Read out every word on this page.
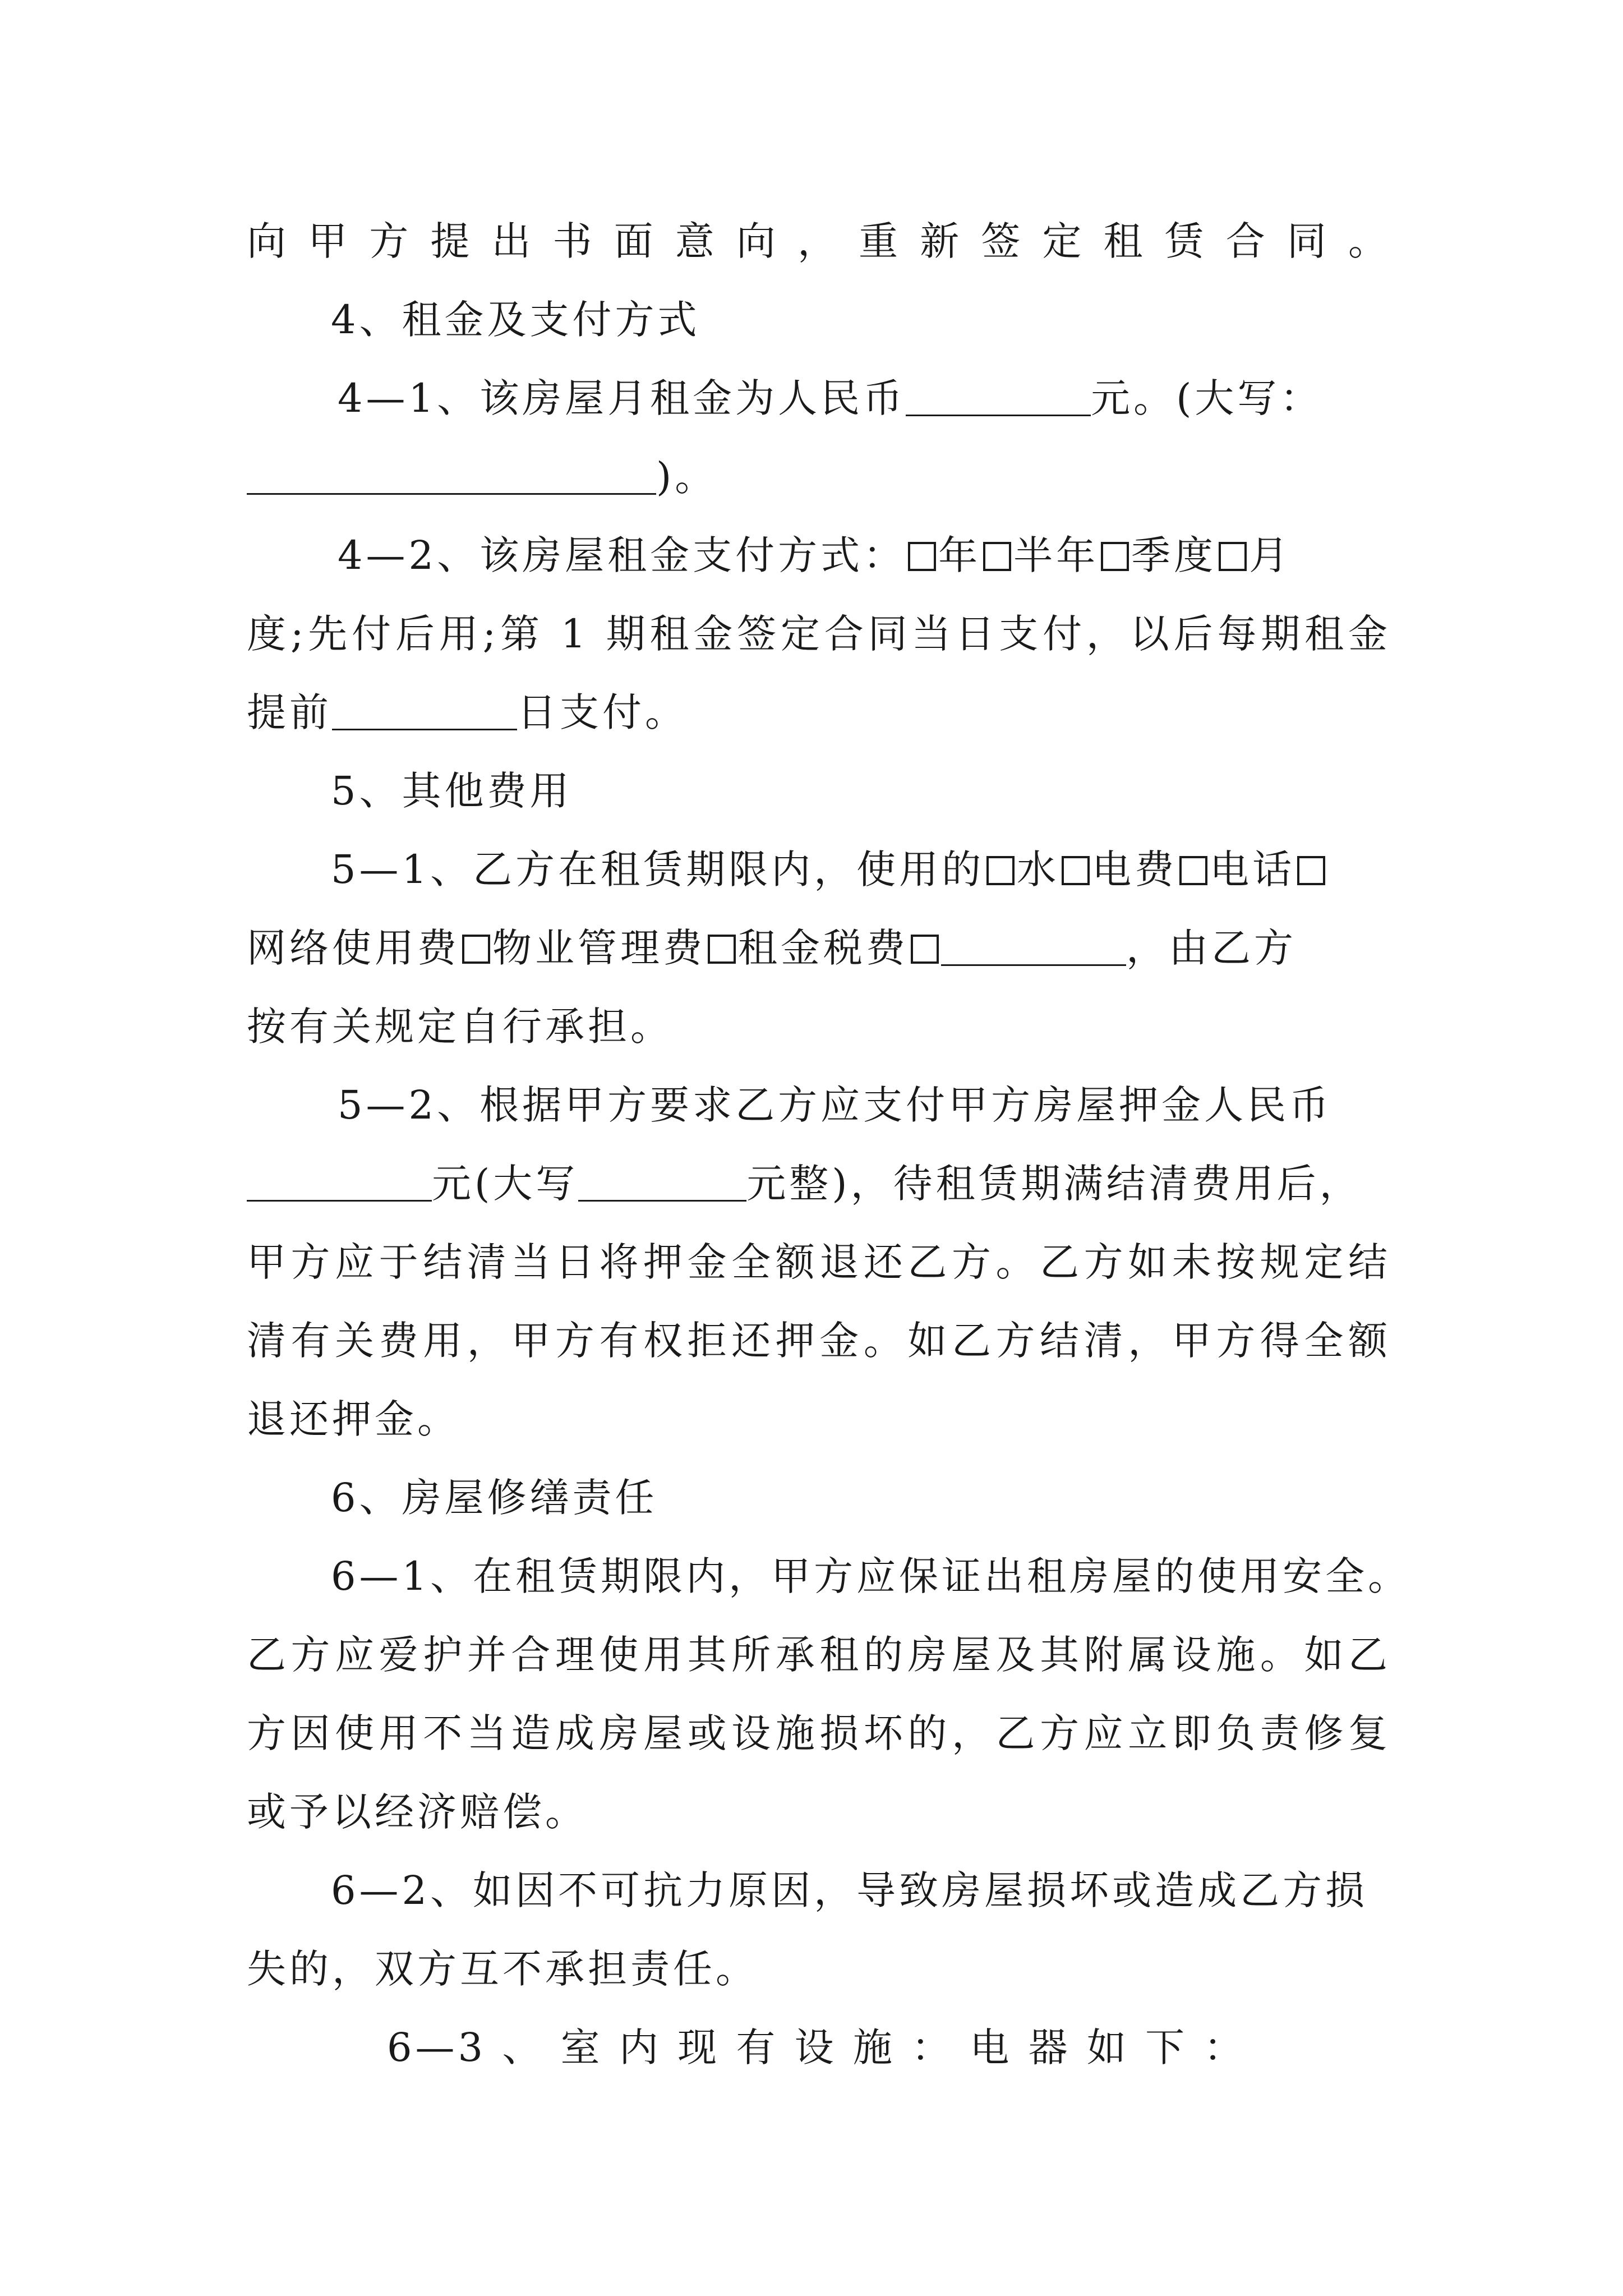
向甲方提出书面意向，重新签定租赁合同。
4、租金及支付方式
4—1、该房屋月租金为人民币	元。(大写：
)。
4—2、该房屋租金支付方式： 年 半年 季度 月
度;先付后用;第 1 期租金签定合同当日支付，以后每期租金
提前	日支付。
5、其他费用
5—1、乙方在租赁期限内，使用的 水 电费 电话
网络使用费 物业管理费 租金税费	，由乙方
按有关规定自行承担。
5—2、根据甲方要求乙方应支付甲方房屋押金人民币
元(大写	元整)，待租赁期满结清费用后，
甲方应于结清当日将押金全额退还乙方。乙方如未按规定结
清有关费用，甲方有权拒还押金。如乙方结清，甲方得全额
退还押金。
6、房屋修缮责任
6—1、在租赁期限内，甲方应保证出租房屋的使用安全。
乙方应爱护并合理使用其所承租的房屋及其附属设施。如乙
方因使用不当造成房屋或设施损坏的，乙方应立即负责修复
或予以经济赔偿。
6—2、如因不可抗力原因，导致房屋损坏或造成乙方损
失的，双方互不承担责任。
6—3 、 室 内 现 有 设 施 ： 电 器 如 下 ：
